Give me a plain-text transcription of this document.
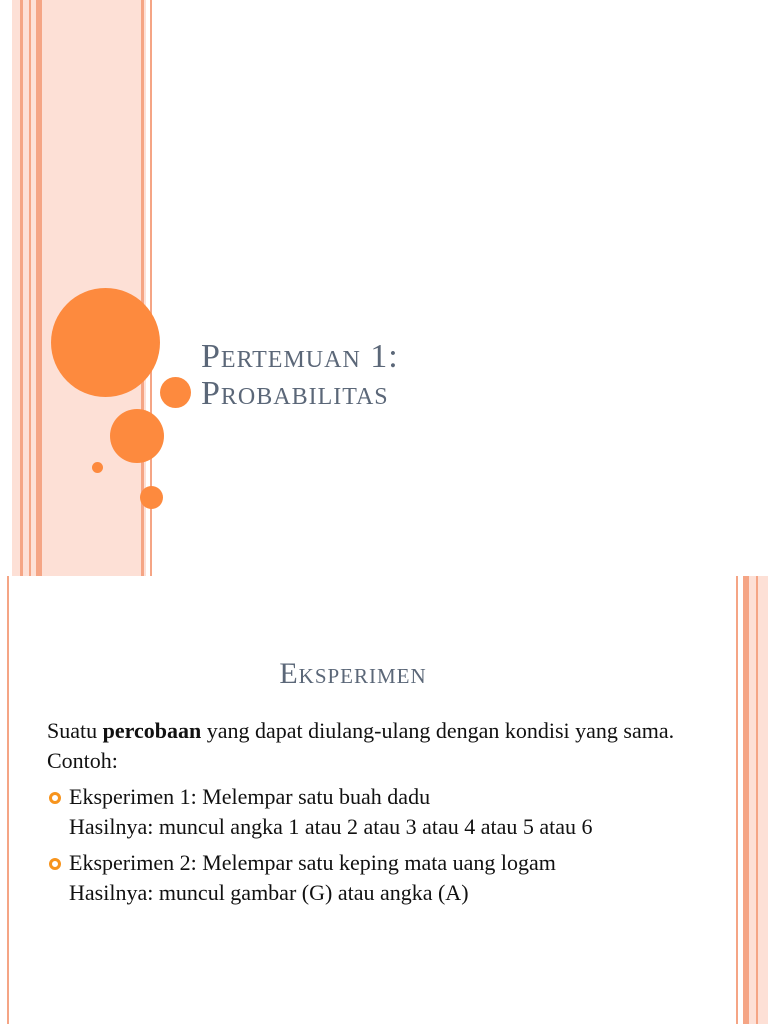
Pertemuan 1:
Probabilitas
Eksperimen

Suatu percobaan yang dapat diulang-ulang dengan kondisi yang sama.

Contoh:

Eksperimen 1: Melempar satu buah dadu

Hasilnya: muncul angka 1 atau 2 atau 3 atau 4 atau 5 atau 6

Eksperimen 2: Melempar satu keping mata uang logam

Hasilnya: muncul gambar (G) atau angka (A)
